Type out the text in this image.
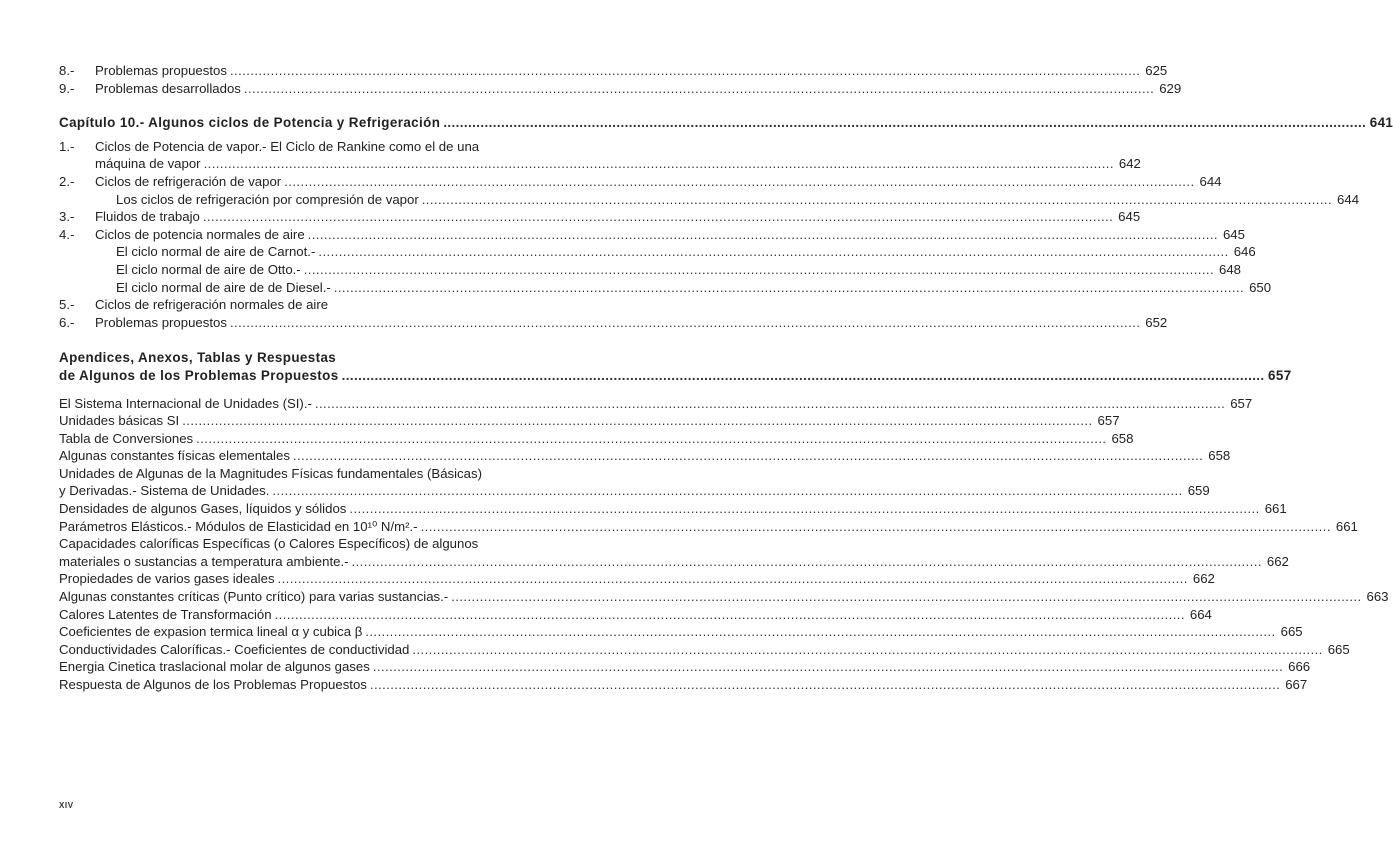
8.-	Problemas propuestos .....	625
9.-	Problemas desarrollados .....	629
Capítulo 10.- Algunos ciclos de Potencia y Refrigeración .....	641
1.-	Ciclos de Potencia de vapor.- El Ciclo de Rankine como el de una
máquina de vapor .....	642
2.-	Ciclos de refrigeración de vapor .....	644
Los ciclos de refrigeración por compresión de vapor .....	644
3.-	Fluidos de trabajo .....	645
4.-	Ciclos de potencia normales de aire .....	645
El ciclo normal de aire de Carnot.- .....	646
El ciclo normal de aire de Otto.- .....	648
El ciclo normal de aire de de Diesel.- .....	650
5.-	Ciclos de refrigeración normales de aire
6.-	Problemas propuestos .....	652
Apendices, Anexos, Tablas y Respuestas
de Algunos de los Problemas Propuestos .....	657
El Sistema Internacional de Unidades (SI).- .....	657
Unidades básicas SI .....	657
Tabla de Conversiones .....	658
Algunas constantes físicas elementales .....	658
Unidades de Algunas de la Magnitudes Físicas fundamentales (Básicas)
y Derivadas.- Sistema de Unidades. .....	659
Densidades de algunos Gases, líquidos y sólidos .....	661
Parámetros Elásticos.- Módulos de Elasticidad en 10¹⁰ N/m².- .....	661
Capacidades caloríficas Específicas (o Calores Específicos) de algunos
materiales o sustancias a temperatura ambiente.- .....	662
Propiedades de varios gases ideales .....	662
Algunas constantes críticas (Punto crítico) para varias sustancias.- .....	663
Calores Latentes de Transformación .....	664
Coeficientes de expasion termica lineal α y cubica β .....	665
Conductividades Caloríficas.- Coeficientes de conductividad .....	665
Energia Cinetica traslacional molar de algunos gases .....	666
Respuesta de Algunos de los Problemas Propuestos .....	667
XIV
